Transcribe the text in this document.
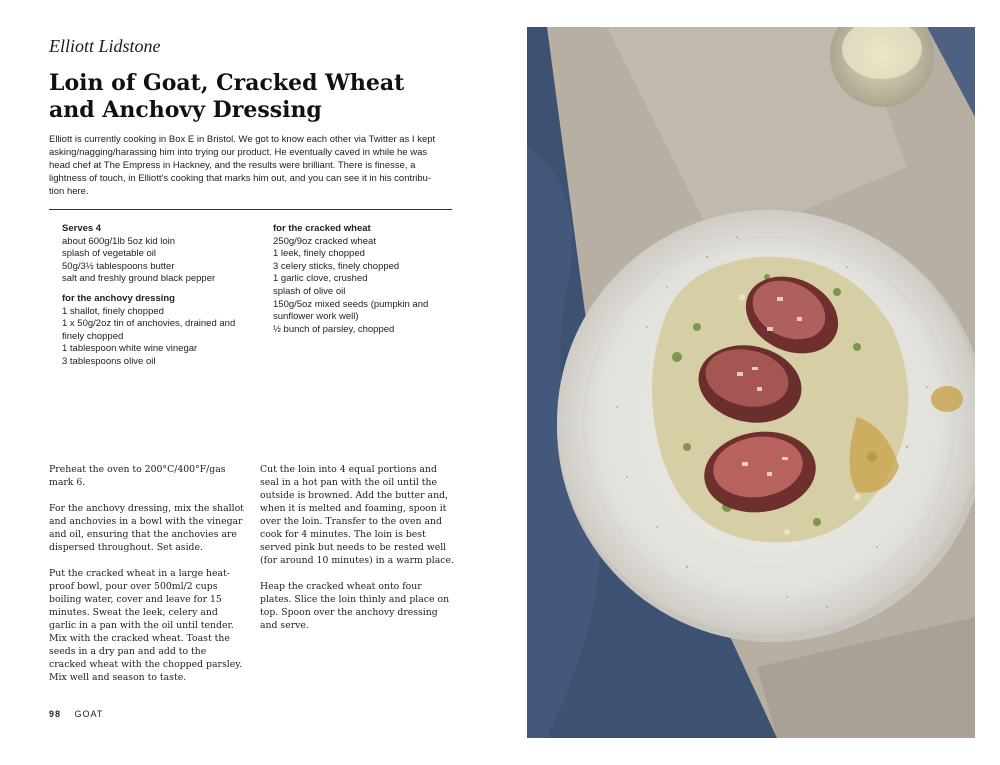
Elliott Lidstone
Loin of Goat, Cracked Wheat
and Anchovy Dressing

Elliott is currently cooking in Box E in Bristol. We got to know each other via Twitter as I kept
asking/nagging/harassing him into trying our product. He eventually caved in while he was
head chef at The Empress in Hackney, and the results were brilliant. There is finesse, a
lightness of touch, in Elliott’s cooking that marks him out, and you can see it in his contribu-
tion here.

Serves 4
about 600g/1lb 5oz kid loin
splash of vegetable oil
50g/3½ tablespoons butter
salt and freshly ground black pepper
for the anchovy dressing
1 shallot, finely chopped
1 x 50g/2oz tin of anchovies, drained and
finely chopped
1 tablespoon white wine vinegar
3 tablespoons olive oil
for the cracked wheat
250g/9oz cracked wheat
1 leek, finely chopped
3 celery sticks, finely chopped
1 garlic clove, crushed
splash of olive oil
150g/5oz mixed seeds (pumpkin and
sunflower work well)
½ bunch of parsley, chopped

Preheat the oven to 200°C/400°F/gas mark 6.

For the anchovy dressing, mix the shallot and anchovies in a bowl with the vinegar and oil, ensuring that the anchovies are dispersed throughout. Set aside.

Put the cracked wheat in a large heat-proof bowl, pour over 500ml/2 cups boiling water, cover and leave for 15 minutes. Sweat the leek, celery and garlic in a pan with the oil until tender. Mix with the cracked wheat. Toast the seeds in a dry pan and add to the cracked wheat with the chopped parsley. Mix well and season to taste.

Cut the loin into 4 equal portions and seal in a hot pan with the oil until the outside is browned. Add the butter and, when it is melted and foaming, spoon it over the loin. Transfer to the oven and cook for 4 minutes. The loin is best served pink but needs to be rested well (for around 10 minutes) in a warm place.

Heap the cracked wheat onto four plates. Slice the loin thinly and place on top. Spoon over the anchovy dressing and serve.

98 GOAT
